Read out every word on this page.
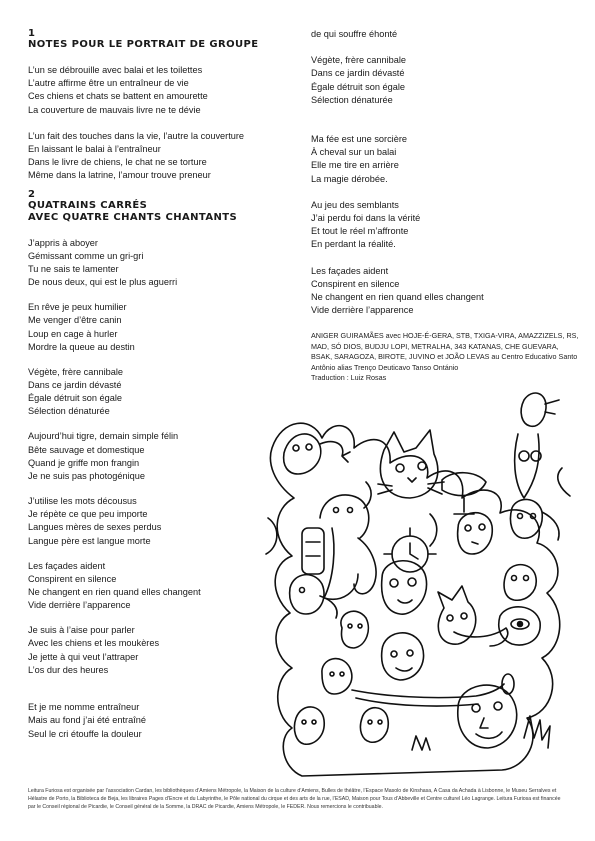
1
NOTES POUR LE PORTRAIT DE GROUPE
L’un se débrouille avec balai et les toilettes
L’autre affirme être un entraîneur de vie
Ces chiens et chats se battent en amourette
La couverture de mauvais livre ne te dévie
L’un fait des touches dans la vie, l’autre la couverture
En laissant le balai à l’entraîneur
Dans le livre de chiens, le chat ne se torture
Même dans la latrine, l’amour trouve preneur
2
QUATRAINS CARRÉS
AVEC QUATRE CHANTS CHANTANTS
J’appris à aboyer
Gémissant comme un gri-gri
Tu ne sais te lamenter
De nous deux, qui est le plus aguerri
En rêve je peux humilier
Me venger d’être canin
Loup en cage à hurler
Mordre la queue au destin
Végète, frère cannibale
Dans ce jardin dévasté
Égale détruit son égale
Sélection dénaturée
Aujourd’hui tigre, demain simple félin
Bête sauvage et domestique
Quand je griffe mon frangin
Je ne suis pas photogénique
J’utilise les mots décousus
Je répète ce que peu importe
Langues mères de sexes perdus
Langue père est langue morte
Les façades aident
Conspirent en silence
Ne changent en rien quand elles changent
Vide derrière l’apparence
Je suis à l’aise pour parler
Avec les chiens et les moukères
Je jette à qui veut l’attraper
L’os dur des heures
Et je me nomme entraîneur
Mais au fond j’ai été entraîné
Seul le cri étouffe la douleur
de qui souffre éhonté
Végète, frère cannibale
Dans ce jardin dévasté
Égale détruit son égale
Sélection dénaturée
Ma fée est une sorcière
À cheval sur un balai
Elle me tire en arrière
La magie dérobée.
Au jeu des semblants
J’ai perdu foi dans la vérité
Et tout le réel m’affronte
En perdant la réalité.
Les façades aident
Conspirent en silence
Ne changent en rien quand elles changent
Vide derrière l’apparence
ANIGER GUIRAMÃES avec HOJE-É-GERA, STB, TXIGA-VIRA, AMAZZIZELS, RS, MAD, SÓ DIOS, BUDJU LOPI, METRALHA, 343 KATANAS, CHE GUEVARA, BSAK, SARAGOZA, BIROTE, JUVINO et JOÃO LEVAS au Centro Educativo Santo Antônio alias Trenço Deuticavo Tanso Ontánio
Traduction : Luiz Rosas
Leitura Furiosa est organisée par l’association Cardan, les bibliothèques d’Amiens Métropole, la Maison de la culture d’Amiens, Bulles de théâtre, l’Espace Masolo de Kinshasa, A Casa da Achada à Lisbonne, le Museu Serralves et Hélastre de Porto, la Biblioteca de Beja, les libraires Pages d’Encre et du Labyrinthe, le Pôle national du cirque et des arts de la rue, l’ESAD, Maison pour Tous d’Abbeville et Centre culturel Léo Lagrange. Leitura Furiosa est financée par le Conseil régional de Picardie, le Conseil général de la Somme, la DRAC de Picardie, Amiens Métropole, le FEDER. Nous remercions le contribuable.
